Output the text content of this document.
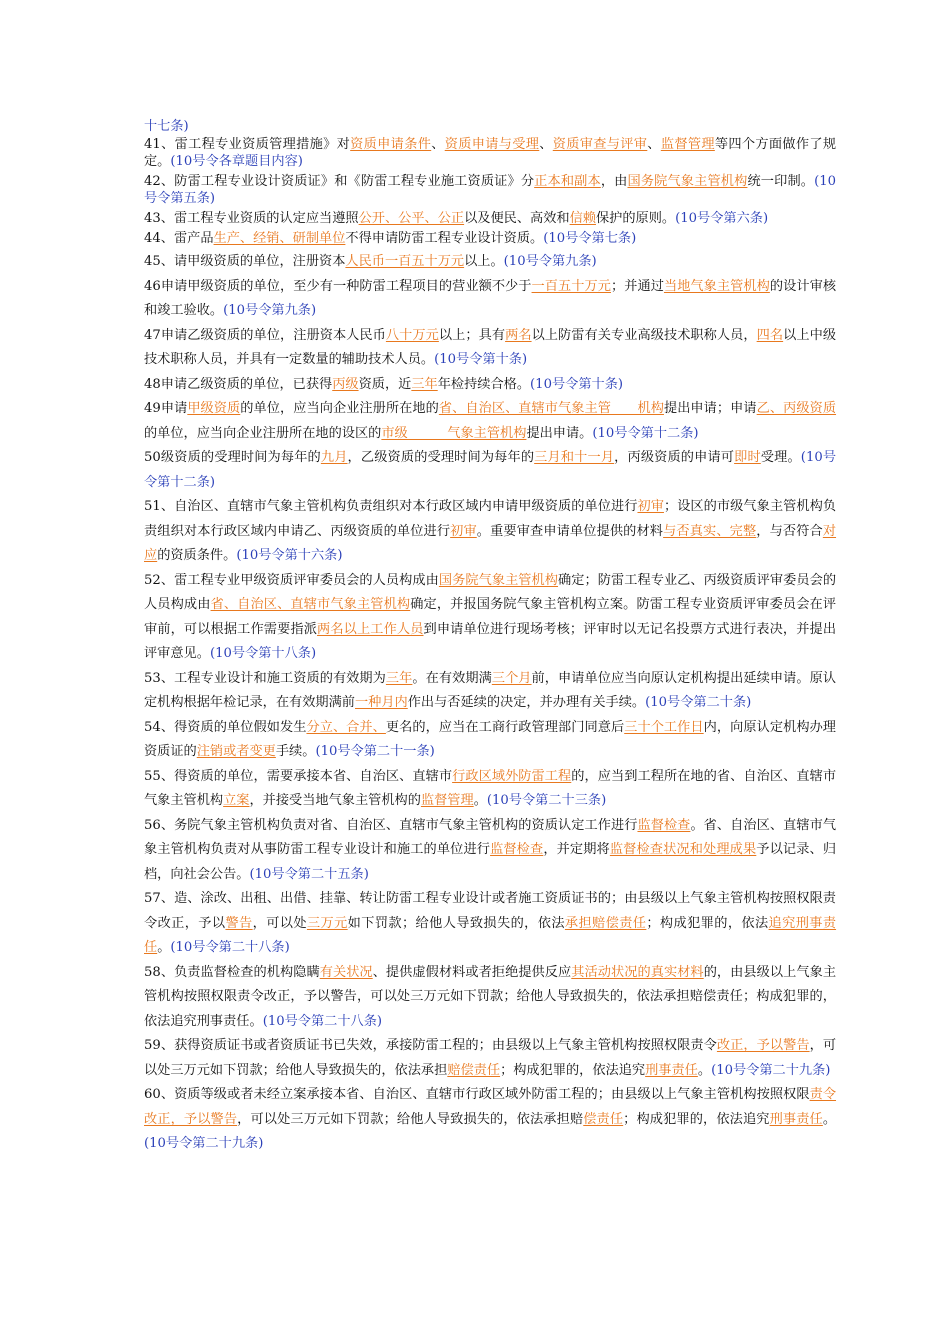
十七条)

41、雷工程专业资质管理措施》对资质申请条件、资质申请与受理、资质审查与评审、监督管理等四个方面做作了规定。(10号令各章题目内容)

42、防雷工程专业设计资质证》和《防雷工程专业施工资质证》分正本和副本，由国务院气象主管机构统一印制。(10号令第五条)

43、雷工程专业资质的认定应当遵照公开、公平、公正以及便民、高效和信赖保护的原则。(10号令第六条)

44、雷产品生产、经销、研制单位不得申请防雷工程专业设计资质。(10号令第七条)

45、请甲级资质的单位，注册资本人民币一百五十万元以上。(10号令第九条)

46申请甲级资质的单位，至少有一种防雷工程项目的营业额不少于一百五十万元；并通过当地气象主管机构的设计审核和竣工验收。(10号令第九条)

47申请乙级资质的单位，注册资本人民币八十万元以上；具有两名以上防雷有关专业高级技术职称人员，四名以上中级技术职称人员，并具有一定数量的辅助技术人员。(10号令第十条)

48申请乙级资质的单位，已获得丙级资质，近三年年检持续合格。(10号令第十条)

49申请甲级资质的单位，应当向企业注册所在地的省、自治区、直辖市气象主管　　机构提出申请；申请乙、丙级资质的单位，应当向企业注册所在地的设区的市级　　　气象主管机构提出申请。(10号令第十二条)

50级资质的受理时间为每年的九月，乙级资质的受理时间为每年的三月和十一月，丙级资质的申请可即时受理。(10号令第十二条)

51、自治区、直辖市气象主管机构负责组织对本行政区域内申请甲级资质的单位进行初审；设区的市级气象主管机构负责组织对本行政区域内申请乙、丙级资质的单位进行初审。重要审查申请单位提供的材料与否真实、完整，与否符合对应的资质条件。(10号令第十六条)

52、雷工程专业甲级资质评审委员会的人员构成由国务院气象主管机构确定；防雷工程专业乙、丙级资质评审委员会的人员构成由省、自治区、直辖市气象主管机构确定，并报国务院气象主管机构立案。防雷工程专业资质评审委员会在评审前，可以根据工作需要指派两名以上工作人员到申请单位进行现场考核；评审时以无记名投票方式进行表决，并提出评审意见。(10号令第十八条)

53、工程专业设计和施工资质的有效期为三年。在有效期满三个月前，申请单位应当向原认定机构提出延续申请。原认定机构根据年检记录，在有效期满前一种月内作出与否延续的决定，并办理有关手续。(10号令第二十条)

54、得资质的单位假如发生分立、合并、更名的，应当在工商行政管理部门同意后三十个工作日内，向原认定机构办理资质证的注销或者变更手续。(10号令第二十一条)

55、得资质的单位，需要承接本省、自治区、直辖市行政区域外防雷工程的，应当到工程所在地的省、自治区、直辖市气象主管机构立案，并接受当地气象主管机构的监督管理。(10号令第二十三条)

56、务院气象主管机构负责对省、自治区、直辖市气象主管机构的资质认定工作进行监督检查。省、自治区、直辖市气象主管机构负责对从事防雷工程专业设计和施工的单位进行监督检查，并定期将监督检查状况和处理成果予以记录、归档，向社会公告。(10号令第二十五条)

57、造、涂改、出租、出借、挂靠、转让防雷工程专业设计或者施工资质证书的；由县级以上气象主管机构按照权限责令改正，予以警告，可以处三万元如下罚款；给他人导致损失的，依法承担赔偿责任；构成犯罪的，依法追究刑事责任。(10号令第二十八条)

58、负责监督检查的机构隐瞒有关状况、提供虚假材料或者拒绝提供反应其活动状况的真实材料的，由县级以上气象主管机构按照权限责令改正，予以警告，可以处三万元如下罚款；给他人导致损失的，依法承担赔偿责任；构成犯罪的，依法追究刑事责任。(10号令第二十八条)

59、获得资质证书或者资质证书已失效，承接防雷工程的；由县级以上气象主管机构按照权限责令改正，予以警告，可以处三万元如下罚款；给他人导致损失的，依法承担赔偿责任；构成犯罪的，依法追究刑事责任。(10号令第二十九条)

60、资质等级或者未经立案承接本省、自治区、直辖市行政区域外防雷工程的；由县级以上气象主管机构按照权限责令改正，予以警告，可以处三万元如下罚款；给他人导致损失的，依法承担赔偿责任；构成犯罪的，依法追究刑事责任。(10号令第二十九条)
